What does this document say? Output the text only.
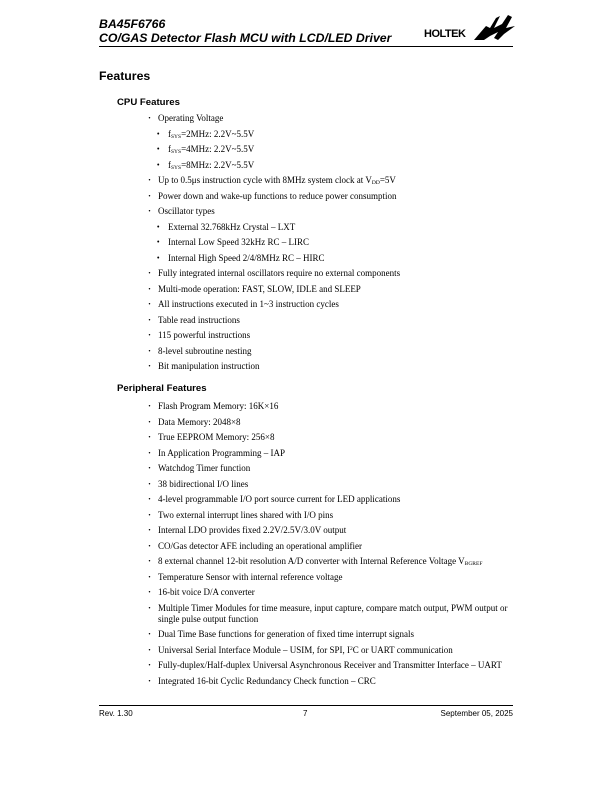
BA45F6766
CO/GAS Detector Flash MCU with LCD/LED Driver	HOLTEK
Features
CPU Features
· Operating Voltage
• $f_{SYS}=2MHz$: 2.2V~5.5V
• $f_{SYS}=4MHz$: 2.2V~5.5V
• $f_{SYS}=8MHz$: 2.2V~5.5V
· Up to 0.5μs instruction cycle with 8MHz system clock at $V_{DD}=5V$
· Power down and wake-up functions to reduce power consumption
· Oscillator types
• External 32.768kHz Crystal – LXT
• Internal Low Speed 32kHz RC – LIRC
• Internal High Speed 2/4/8MHz RC – HIRC
· Fully integrated internal oscillators require no external components
· Multi-mode operation: FAST, SLOW, IDLE and SLEEP
· All instructions executed in 1~3 instruction cycles
· Table read instructions
· 115 powerful instructions
· 8-level subroutine nesting
· Bit manipulation instruction
Peripheral Features
· Flash Program Memory: 16K×16
· Data Memory: 2048×8
· True EEPROM Memory: 256×8
· In Application Programming – IAP
· Watchdog Timer function
· 38 bidirectional I/O lines
· 4-level programmable I/O port source current for LED applications
· Two external interrupt lines shared with I/O pins
· Internal LDO provides fixed 2.2V/2.5V/3.0V output
· CO/Gas detector AFE including an operational amplifier
· 8 external channel 12-bit resolution A/D converter with Internal Reference Voltage $V_{BGREF}$
· Temperature Sensor with internal reference voltage
· 16-bit voice D/A converter
· Multiple Timer Modules for time measure, input capture, compare match output, PWM output or single pulse output function
· Dual Time Base functions for generation of fixed time interrupt signals
· Universal Serial Interface Module – USIM, for SPI, $I^2C$ or UART communication
· Fully-duplex/Half-duplex Universal Asynchronous Receiver and Transmitter Interface – UART
· Integrated 16-bit Cyclic Redundancy Check function – CRC
Rev. 1.30	7	September 05, 2025
